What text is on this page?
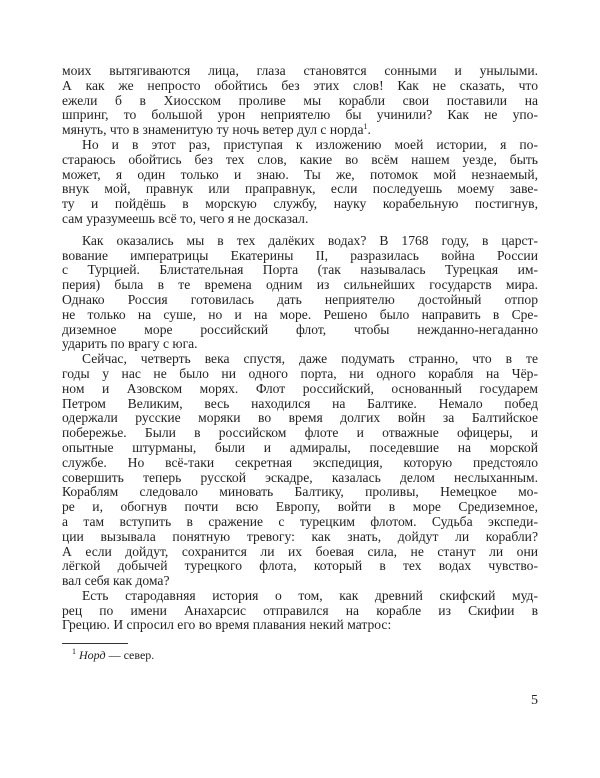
моих вытягиваются лица, глаза становятся сонными и унылыми.
А как же непросто обойтись без этих слов! Как не сказать, что
ежели б в Хиосском проливе мы корабли свои поставили на
шпринг, то большой урон неприятелю бы учинили? Как не упо-
мянуть, что в знаменитую ту ночь ветер дул с норда$^1$.
Но и в этот раз, приступая к изложению моей истории, я по-
стараюсь обойтись без тех слов, какие во всём нашем уезде, быть
может, я один только и знаю. Ты же, потомок мой незнаемый,
внук мой, правнук или праправнук, если последуешь моему заве-
ту и пойдёшь в морскую службу, науку корабельную постигнув,
сам уразумеешь всё то, чего я не досказал.
Как оказались мы в тех далёких водах? В 1768 году, в царст-
вование императрицы Екатерины II, разразилась война России
с Турцией. Блистательная Порта (так называлась Турецкая им-
перия) была в те времена одним из сильнейших государств мира.
Однако Россия готовилась дать неприятелю достойный отпор
не только на суше, но и на море. Решено было направить в Сре-
диземное море российский флот, чтобы нежданно-негаданно
ударить по врагу с юга.
Сейчас, четверть века спустя, даже подумать странно, что в те
годы у нас не было ни одного порта, ни одного корабля на Чёр-
ном и Азовском морях. Флот российский, основанный государем
Петром Великим, весь находился на Балтике. Немало побед
одержали русские моряки во время долгих войн за Балтийское
побережье. Были в российском флоте и отважные офицеры, и
опытные штурманы, были и адмиралы, поседевшие на морской
службе. Но всё-таки секретная экспедиция, которую предстояло
совершить теперь русской эскадре, казалась делом неслыханным.
Кораблям следовало миновать Балтику, проливы, Немецкое мо-
ре и, обогнув почти всю Европу, войти в море Средиземное,
а там вступить в сражение с турецким флотом. Судьба экспеди-
ции вызывала понятную тревогу: как знать, дойдут ли корабли?
А если дойдут, сохранится ли их боевая сила, не станут ли они
лёгкой добычей турецкого флота, который в тех водах чувство-
вал себя как дома?
Есть стародавняя история о том, как древний скифский муд-
рец по имени Анахарсис отправился на корабле из Скифии в
Грецию. И спросил его во время плавания некий матрос:
$^1$ Норд — север.
5
